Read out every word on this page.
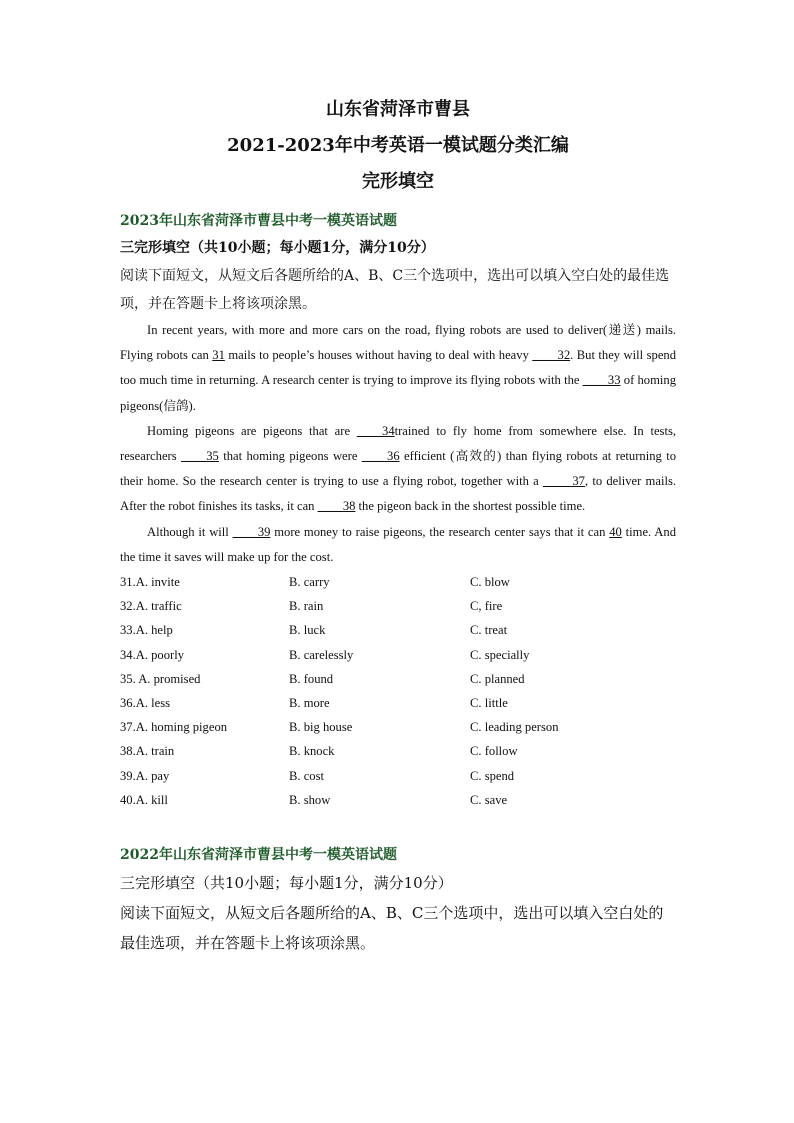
山东省菏泽市曹县
2021-2023年中考英语一模试题分类汇编
完形填空
2023年山东省菏泽市曹县中考一模英语试题
三完形填空（共10小题；每小题1分，满分10分）
阅读下面短文，从短文后各题所给的A、B、C三个选项中，选出可以填入空白处的最佳选项，并在答题卡上将该项涂黑。
In recent years, with more and more cars on the road, flying robots are used to deliver(递送) mails. Flying robots can 31 mails to people’s houses without having to deal with heavy ____32. But they will spend too much time in returning. A research center is trying to improve its flying robots with the ____33 of homing pigeons(信鸽).
Homing pigeons are pigeons that are ____34trained to fly home from somewhere else. In tests, researchers ____35 that homing pigeons were ____36 efficient (高效的) than flying robots at returning to their home. So the research center is trying to use a flying robot, together with a ____ 37, to deliver mails. After the robot finishes its tasks, it can ____38 the pigeon back in the shortest possible time.
Although it will ____39 more money to raise pigeons, the research center says that it can 40 time. And the time it saves will make up for the cost.
31.A. invite	B. carry	C. blow
32.A. traffic	B. rain	C, fire
33.A. help	B. luck	C. treat
34.A. poorly	B. carelessly	C. specially
35. A. promised	B. found	C. planned
36.A. less	B. more	C. little
37.A. homing pigeon	B. big house	C. leading person
38.A. train	B. knock	C. follow
39.A. pay	B. cost	C. spend
40.A. kill	B. show	C. save
2022年山东省菏泽市曹县中考一模英语试题
三完形填空（共10小题；每小题1分，满分10分）
阅读下面短文，从短文后各题所给的A、B、C三个选项中，选出可以填入空白处的最佳选项，并在答题卡上将该项涂黑。
